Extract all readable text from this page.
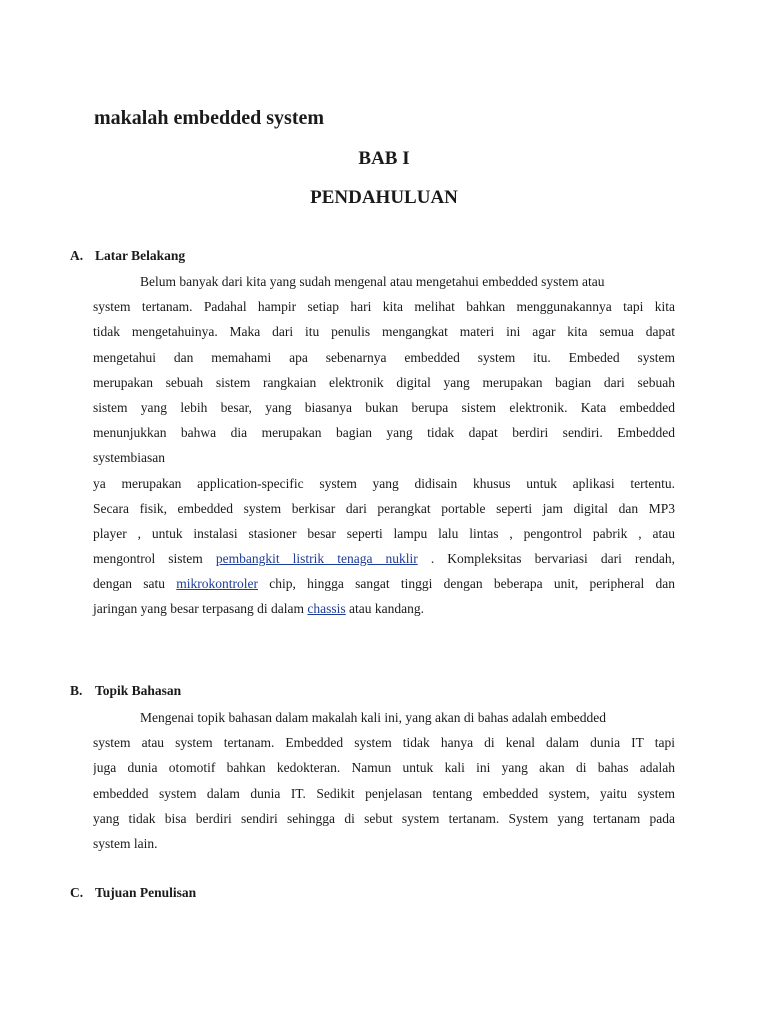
makalah embedded system
BAB I
PENDAHULUAN
A. Latar Belakang
Belum banyak dari kita yang sudah mengenal atau mengetahui embedded system atau
system tertanam. Padahal hampir setiap hari kita melihat bahkan menggunakannya tapi kita
tidak mengetahuinya. Maka dari itu penulis mengangkat materi ini agar kita semua dapat
mengetahui dan memahami apa sebenarnya embedded system itu. Embeded system
merupakan sebuah sistem rangkaian elektronik digital yang merupakan bagian dari sebuah
sistem yang lebih besar, yang biasanya bukan berupa sistem elektronik. Kata embedded
menunjukkan bahwa dia merupakan bagian yang tidak dapat berdiri sendiri. Embedded
systembiasan
ya merupakan application-specific system yang didisain khusus untuk aplikasi tertentu.
Secara fisik, embedded system berkisar dari perangkat portable seperti jam digital dan MP3
player , untuk instalasi stasioner besar seperti lampu lalu lintas , pengontrol pabrik , atau
mengontrol sistem pembangkit listrik tenaga nuklir . Kompleksitas bervariasi dari rendah,
dengan satu mikrokontroler chip, hingga sangat tinggi dengan beberapa unit, peripheral dan
jaringan yang besar terpasang di dalam chassis atau kandang.
B. Topik Bahasan
Mengenai topik bahasan dalam makalah kali ini, yang akan di bahas adalah embedded
system atau system tertanam. Embedded system tidak hanya di kenal dalam dunia IT tapi
juga dunia otomotif bahkan kedokteran. Namun untuk kali ini yang akan di bahas adalah
embedded system dalam dunia IT. Sedikit penjelasan tentang embedded system, yaitu system
yang tidak bisa berdiri sendiri sehingga di sebut system tertanam. System yang tertanam pada
system lain.
C. Tujuan Penulisan
